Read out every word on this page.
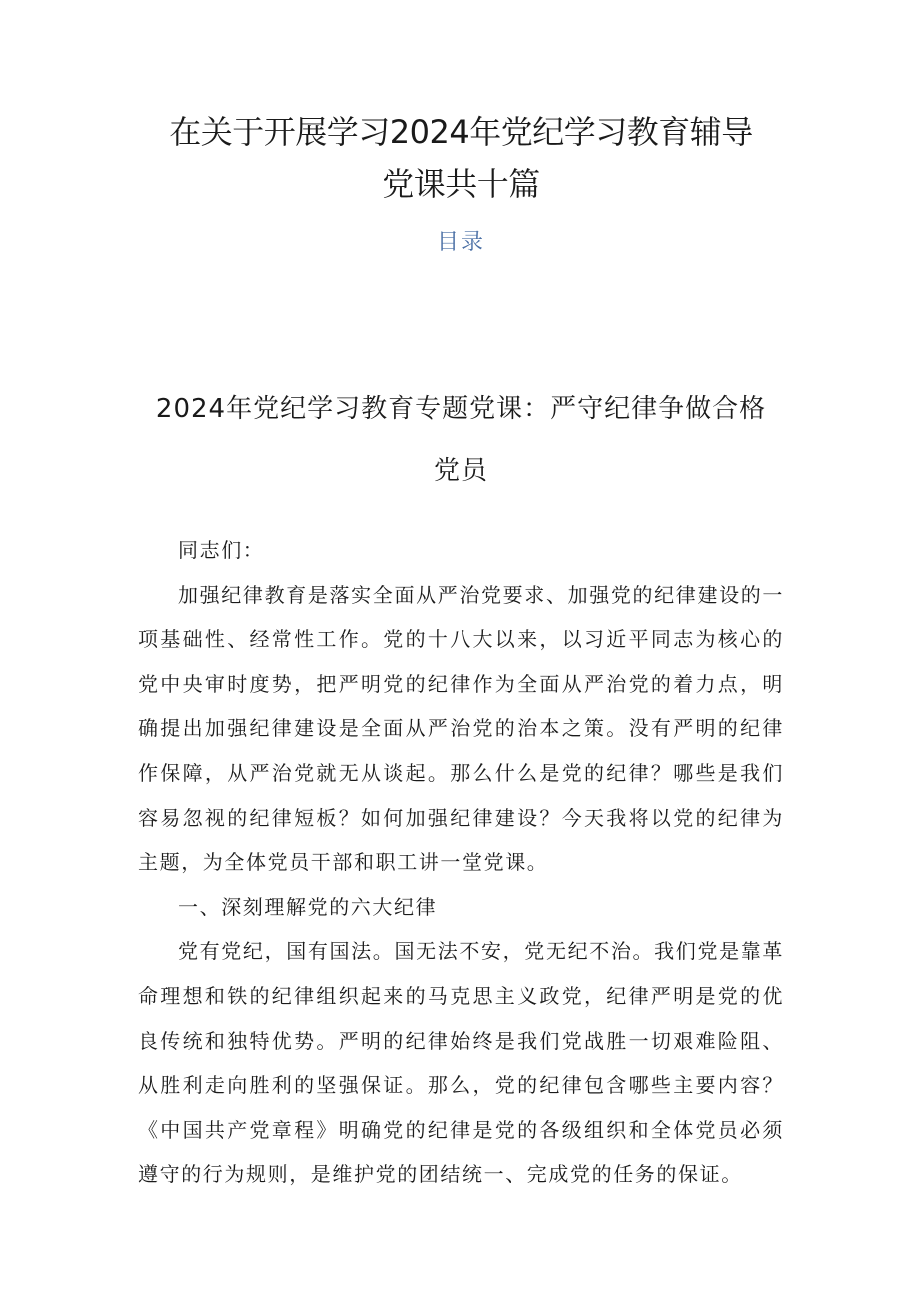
在关于开展学习2024年党纪学习教育辅导
党课共十篇
目录
2024年党纪学习教育专题党课：严守纪律争做合格
党员

同志们：

加强纪律教育是落实全面从严治党要求、加强党的纪律建设的一项基础性、经常性工作。党的十八大以来，以习近平同志为核心的党中央审时度势，把严明党的纪律作为全面从严治党的着力点，明确提出加强纪律建设是全面从严治党的治本之策。没有严明的纪律作保障，从严治党就无从谈起。那么什么是党的纪律？哪些是我们容易忽视的纪律短板？如何加强纪律建设？今天我将以党的纪律为主题，为全体党员干部和职工讲一堂党课。

一、深刻理解党的六大纪律

党有党纪，国有国法。国无法不安，党无纪不治。我们党是靠革命理想和铁的纪律组织起来的马克思主义政党，纪律严明是党的优良传统和独特优势。严明的纪律始终是我们党战胜一切艰难险阻、从胜利走向胜利的坚强保证。那么，党的纪律包含哪些主要内容？《中国共产党章程》明确党的纪律是党的各级组织和全体党员必须遵守的行为规则，是维护党的团结统一、完成党的任务的保证。
